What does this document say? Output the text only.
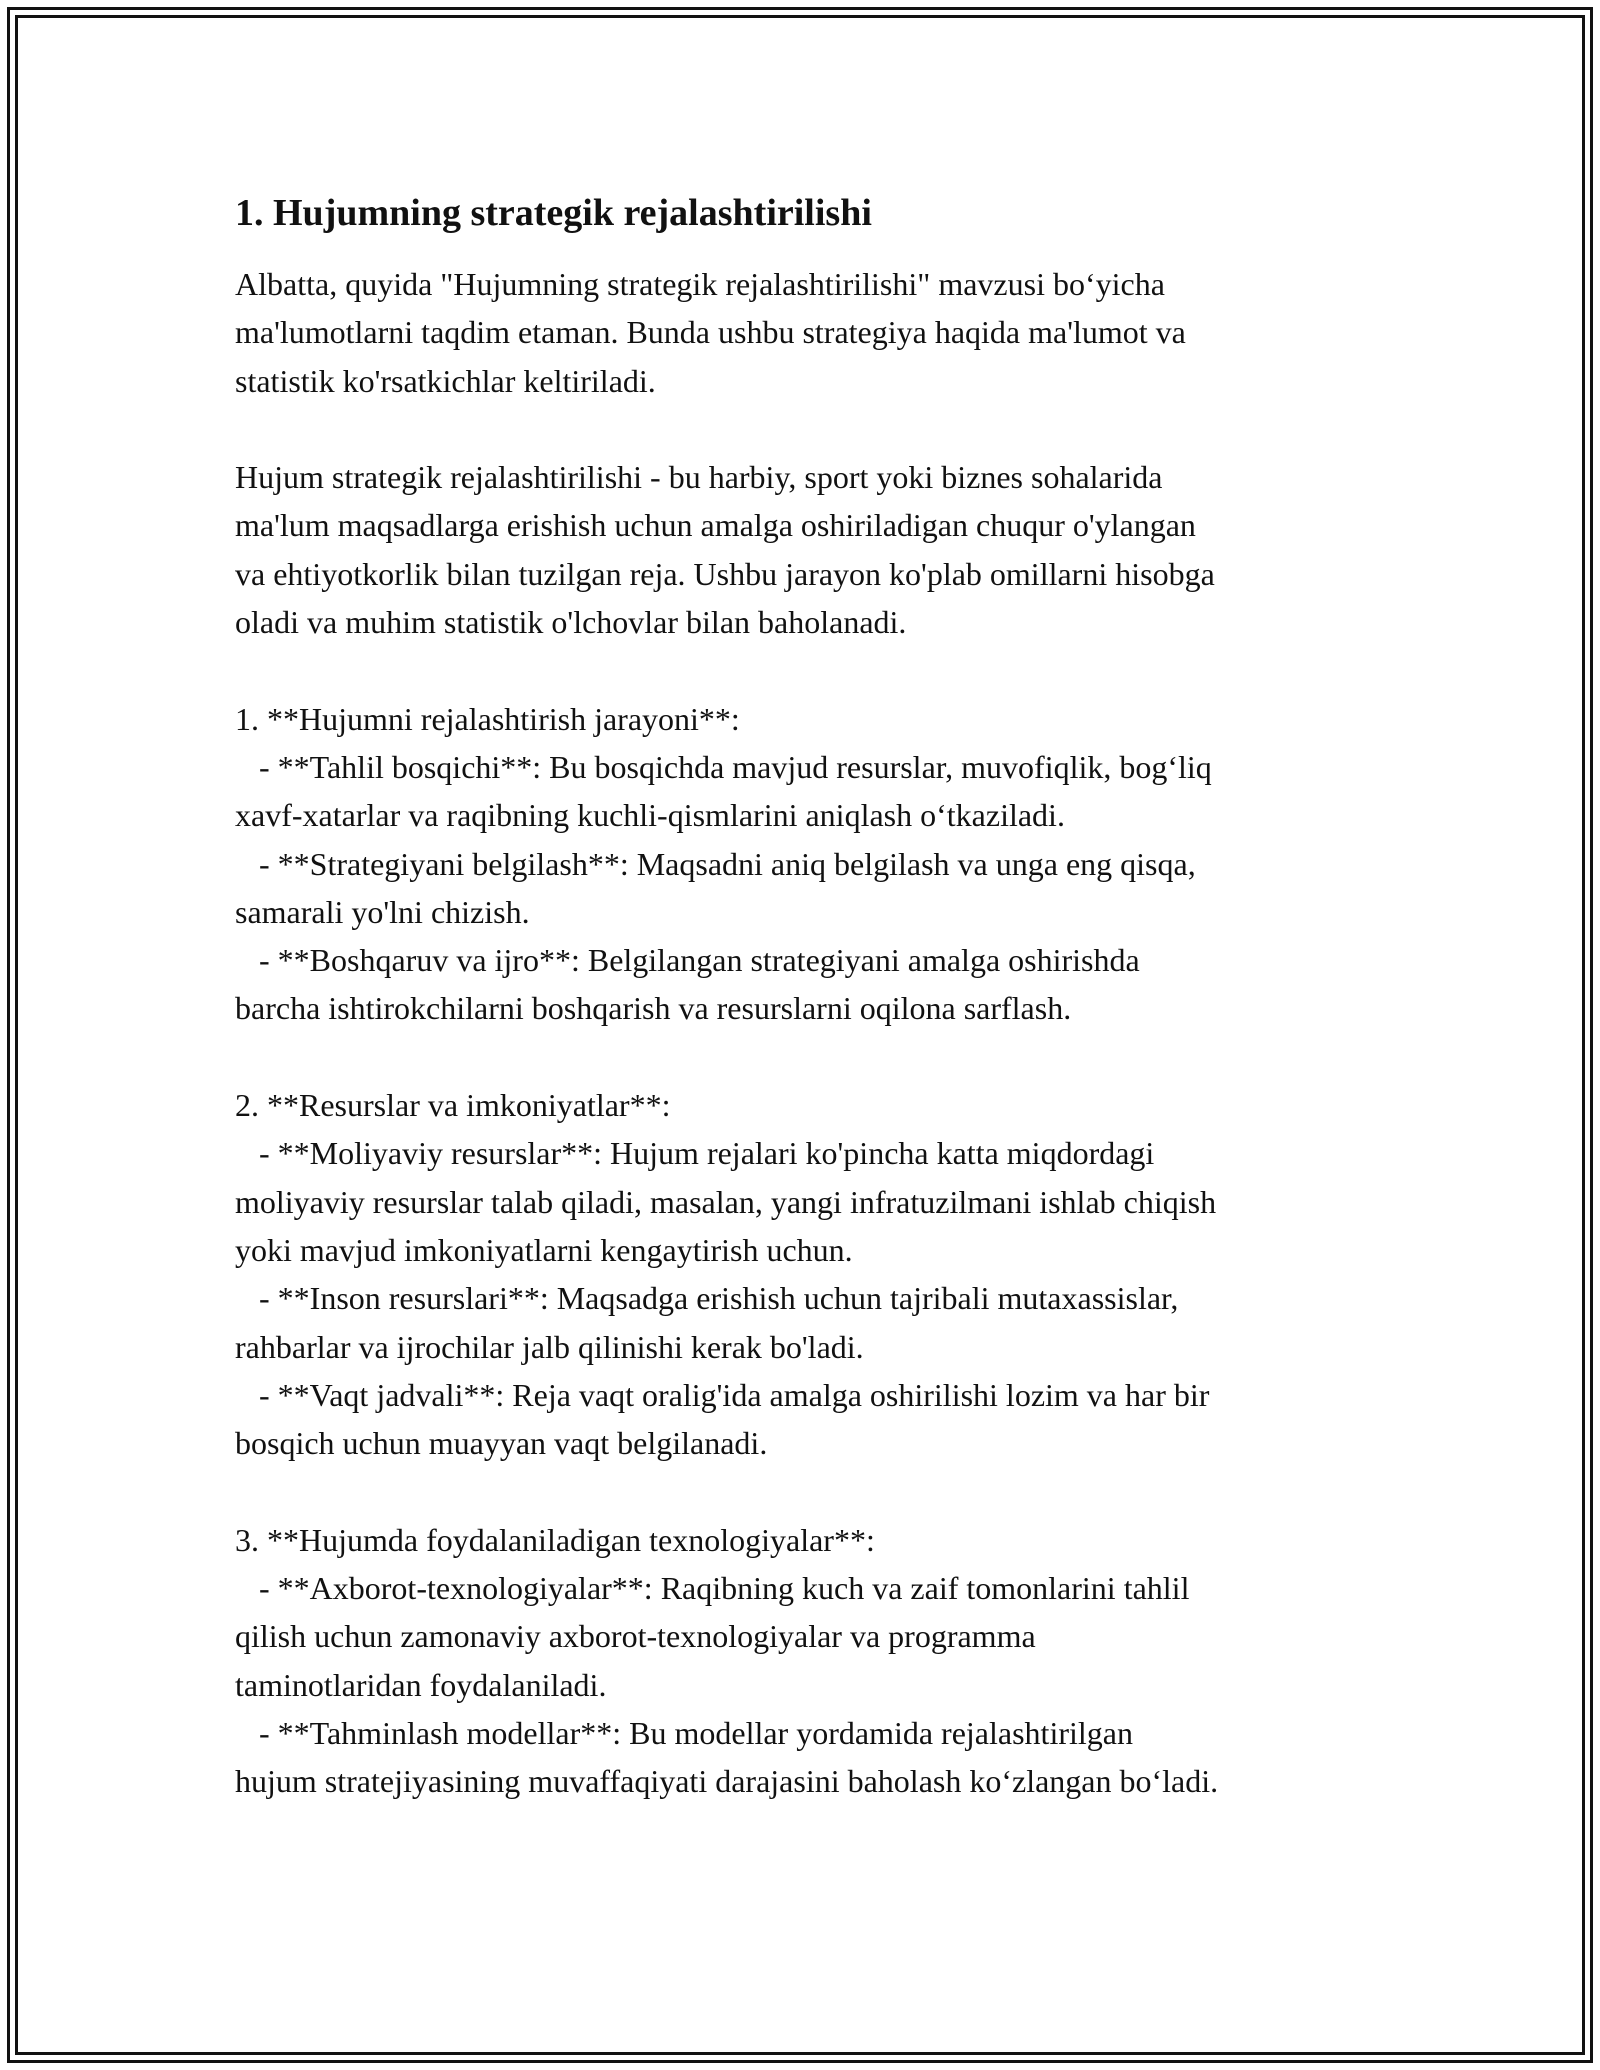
1. Hujumning strategik rejalashtirilishi
Albatta, quyida "Hujumning strategik rejalashtirilishi" mavzusi bo‘yicha
ma'lumotlarni taqdim etaman. Bunda ushbu strategiya haqida ma'lumot va
statistik ko'rsatkichlar keltiriladi.
Hujum strategik rejalashtirilishi - bu harbiy, sport yoki biznes sohalarida
ma'lum maqsadlarga erishish uchun amalga oshiriladigan chuqur o'ylangan
va ehtiyotkorlik bilan tuzilgan reja. Ushbu jarayon ko'plab omillarni hisobga
oladi va muhim statistik o'lchovlar bilan baholanadi.
1. **Hujumni rejalashtirish jarayoni**:
- **Tahlil bosqichi**: Bu bosqichda mavjud resurslar, muvofiqlik, bog‘liq
xavf-xatarlar va raqibning kuchli-qismlarini aniqlash o‘tkaziladi.
- **Strategiyani belgilash**: Maqsadni aniq belgilash va unga eng qisqa,
samarali yo'lni chizish.
- **Boshqaruv va ijro**: Belgilangan strategiyani amalga oshirishda
barcha ishtirokchilarni boshqarish va resurslarni oqilona sarflash.
2. **Resurslar va imkoniyatlar**:
- **Moliyaviy resurslar**: Hujum rejalari ko'pincha katta miqdordagi
moliyaviy resurslar talab qiladi, masalan, yangi infratuzilmani ishlab chiqish
yoki mavjud imkoniyatlarni kengaytirish uchun.
- **Inson resurslari**: Maqsadga erishish uchun tajribali mutaxassislar,
rahbarlar va ijrochilar jalb qilinishi kerak bo'ladi.
- **Vaqt jadvali**: Reja vaqt oralig'ida amalga oshirilishi lozim va har bir
bosqich uchun muayyan vaqt belgilanadi.
3. **Hujumda foydalaniladigan texnologiyalar**:
- **Axborot-texnologiyalar**: Raqibning kuch va zaif tomonlarini tahlil
qilish uchun zamonaviy axborot-texnologiyalar va programma
taminotlaridan foydalaniladi.
- **Tahminlash modellar**: Bu modellar yordamida rejalashtirilgan
hujum stratejiyasining muvaffaqiyati darajasini baholash ko‘zlangan bo‘ladi.
